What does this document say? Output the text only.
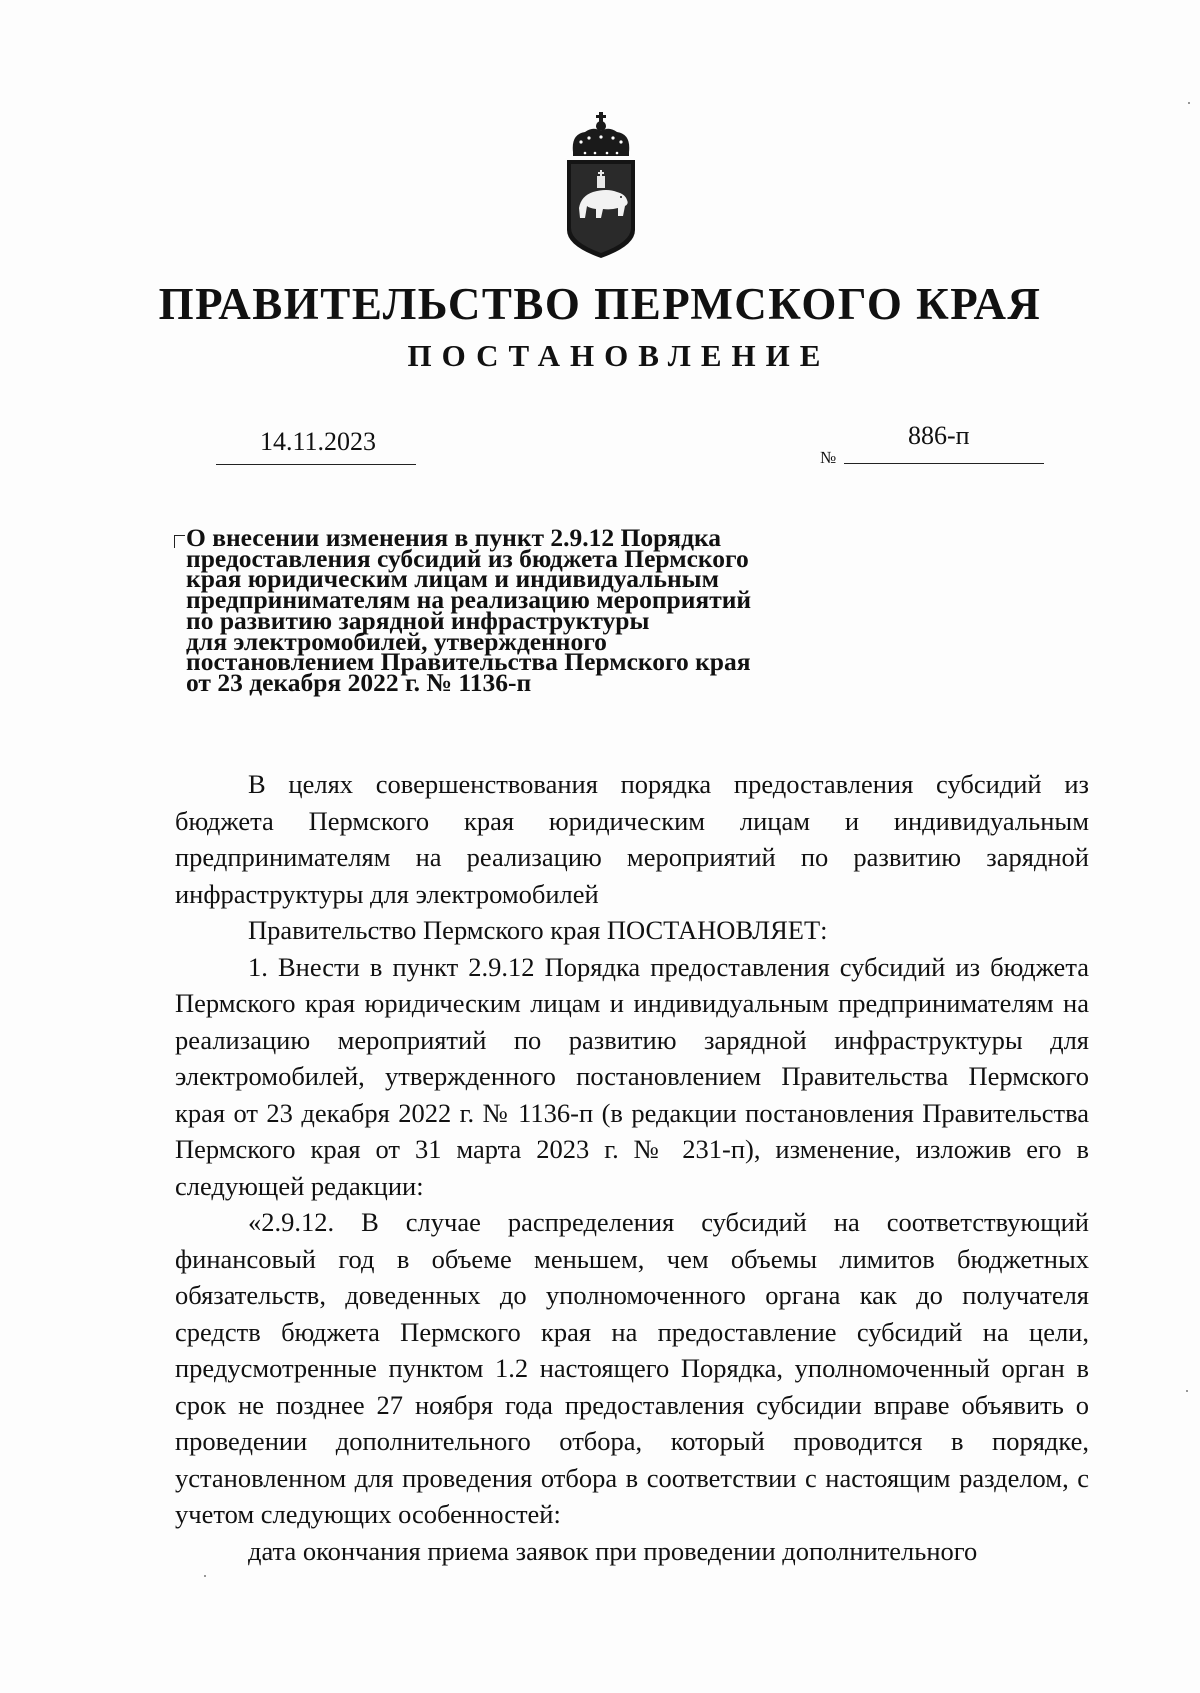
ПРАВИТЕЛЬСТВО ПЕРМСКОГО КРАЯ
ПОСТАНОВЛЕНИЕ
14.11.2023
№
886-п
О внесении изменения в пункт 2.9.12 Порядка
предоставления субсидий из бюджета Пермского
края юридическим лицам и индивидуальным
предпринимателям на реализацию мероприятий
по развитию зарядной инфраструктуры
для электромобилей, утвержденного
постановлением Правительства Пермского края
от 23 декабря 2022 г. № 1136-п

В целях совершенствования порядка предоставления субсидий из бюджета Пермского края юридическим лицам и индивидуальным предпринимателям на реализацию мероприятий по развитию зарядной инфраструктуры для электромобилей

Правительство Пермского края ПОСТАНОВЛЯЕТ:

1. Внести в пункт 2.9.12 Порядка предоставления субсидий из бюджета Пермского края юридическим лицам и индивидуальным предпринимателям на реализацию мероприятий по развитию зарядной инфраструктуры для электромобилей, утвержденного постановлением Правительства Пермского края от 23 декабря 2022 г. № 1136-п (в редакции постановления Правительства Пермского края от 31 марта 2023 г. № 231-п), изменение, изложив его в следующей редакции:

«2.9.12. В случае распределения субсидий на соответствующий финансовый год в объеме меньшем, чем объемы лимитов бюджетных обязательств, доведенных до уполномоченного органа как до получателя средств бюджета Пермского края на предоставление субсидий на цели, предусмотренные пунктом 1.2 настоящего Порядка, уполномоченный орган в срок не позднее 27 ноября года предоставления субсидии вправе объявить о проведении дополнительного отбора, который проводится в порядке, установленном для проведения отбора в соответствии с настоящим разделом, с учетом следующих особенностей:

дата окончания приема заявок при проведении дополнительного
